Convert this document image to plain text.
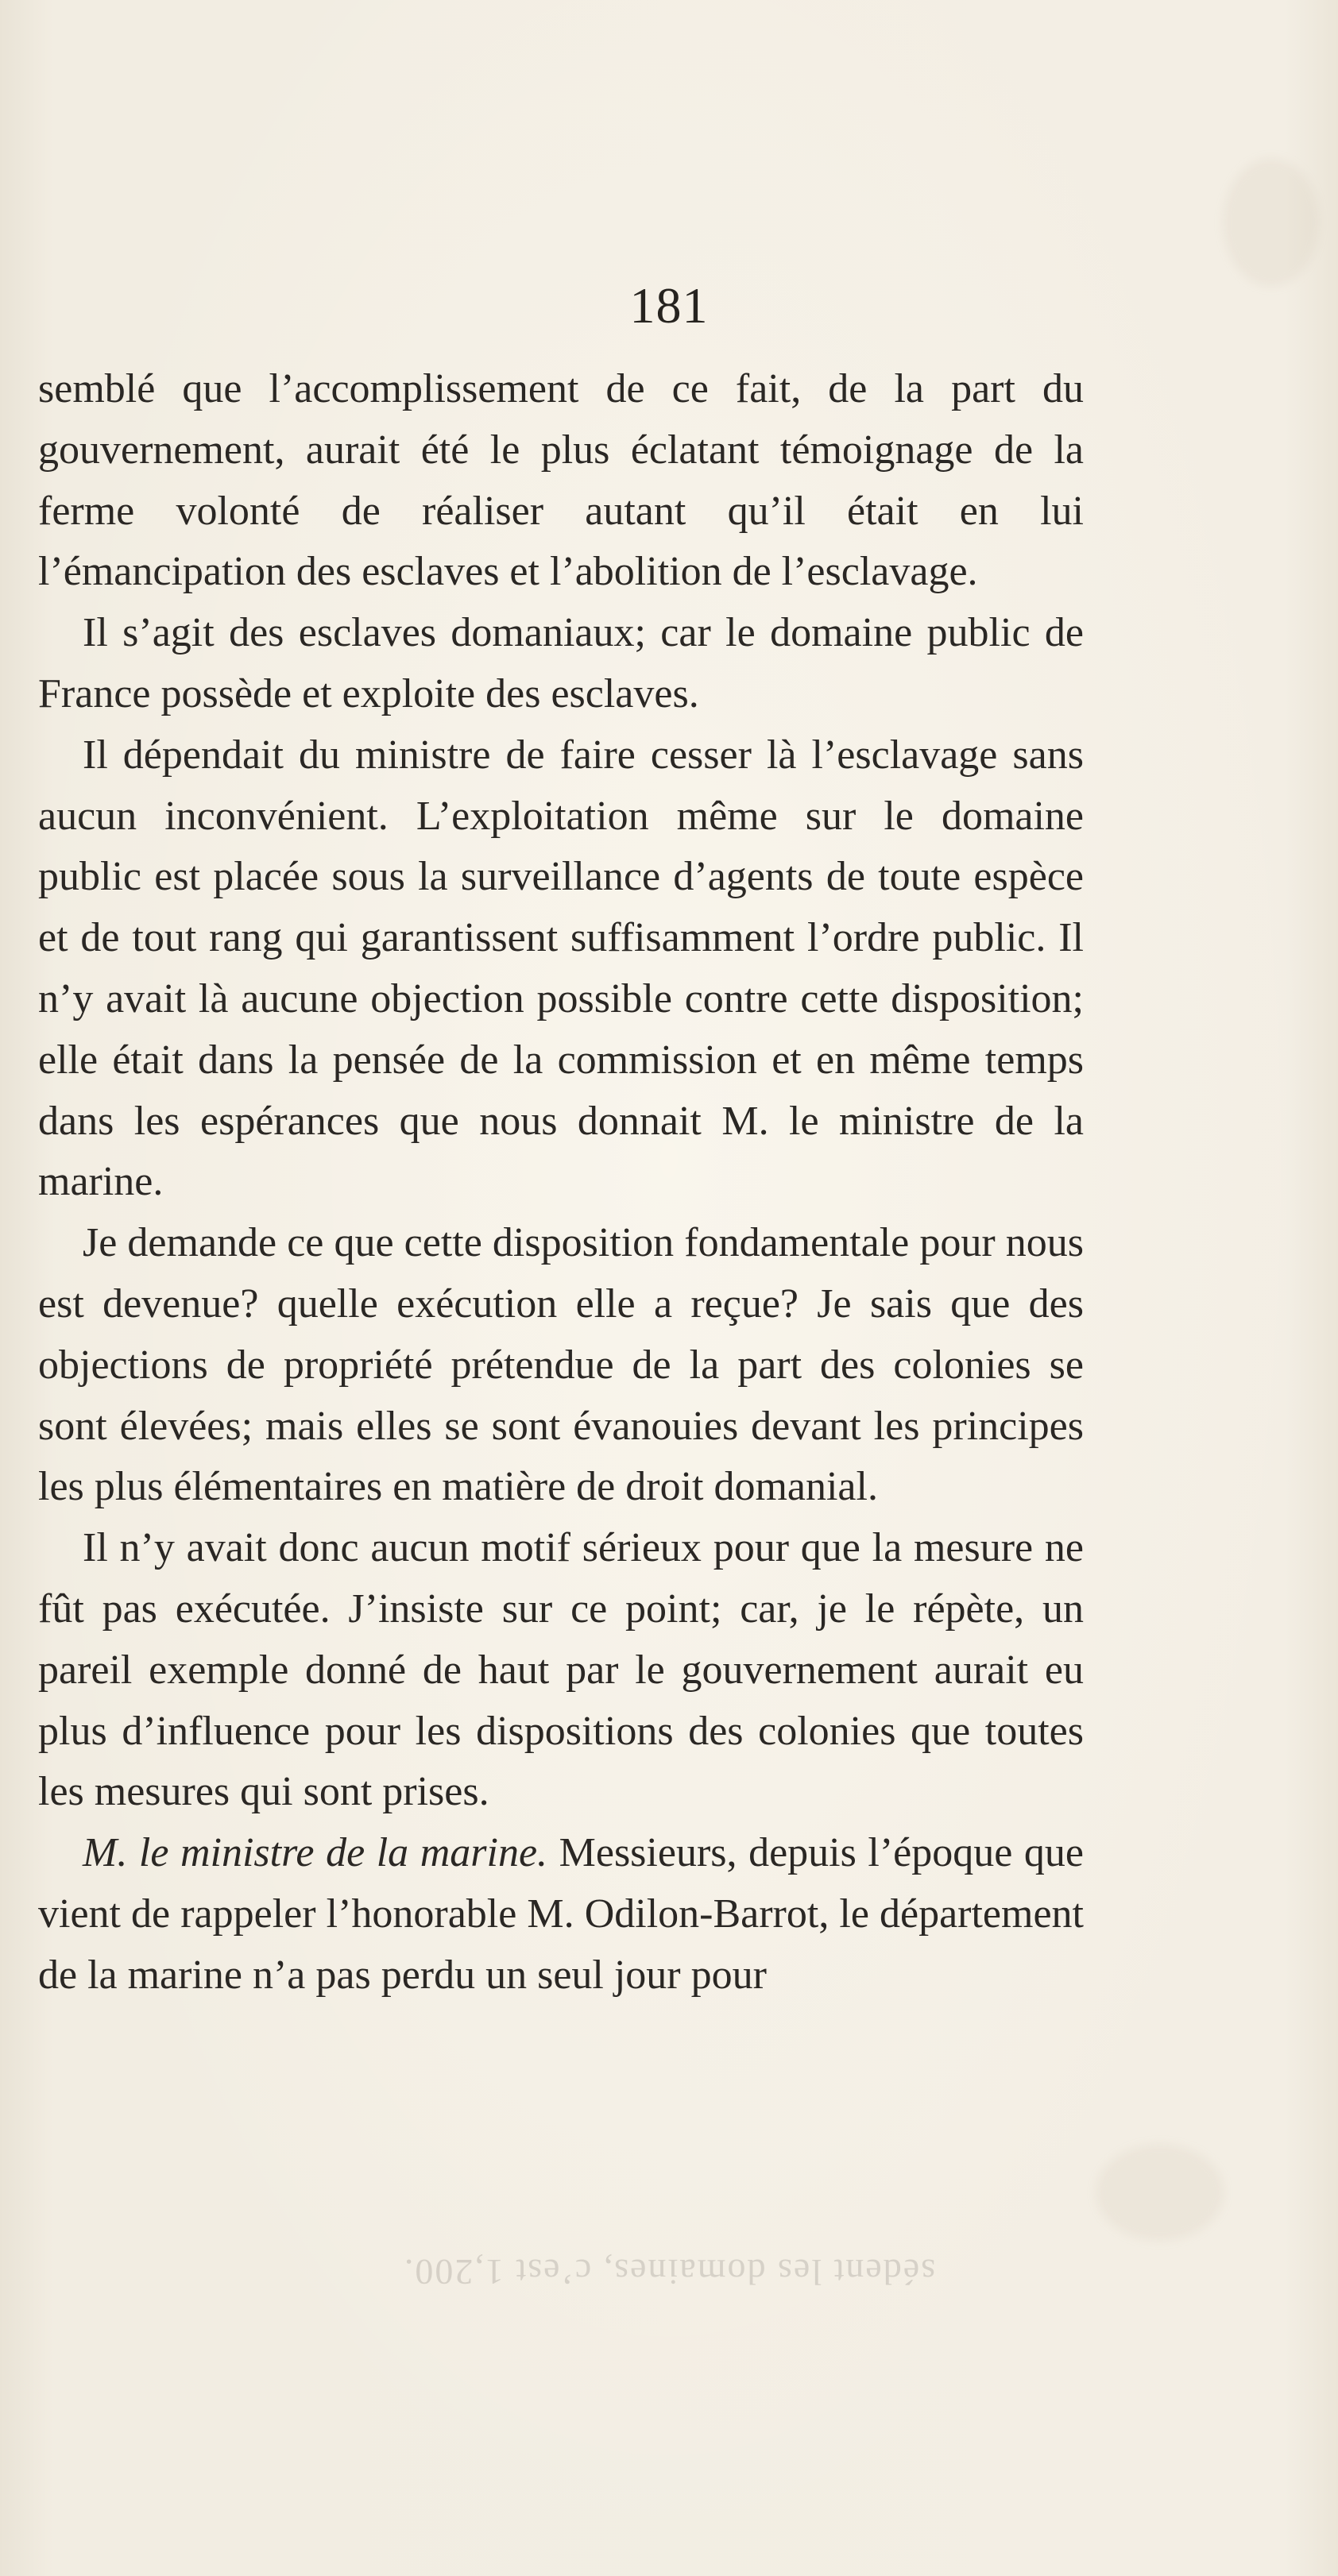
181

semblé que l’accomplissement de ce fait, de la part du gouvernement, aurait été le plus éclatant témoignage de la ferme volonté de réaliser autant qu’il était en lui l’émancipation des esclaves et l’abolition de l’esclavage.

Il s’agit des esclaves domaniaux; car le domaine public de France possède et exploite des esclaves.

Il dépendait du ministre de faire cesser là l’esclavage sans aucun inconvénient. L’exploitation même sur le domaine public est placée sous la surveillance d’agents de toute espèce et de tout rang qui garantissent suffisamment l’ordre public. Il n’y avait là aucune objection possible contre cette disposition; elle était dans la pensée de la commission et en même temps dans les espérances que nous donnait M. le ministre de la marine.

Je demande ce que cette disposition fondamentale pour nous est devenue? quelle exécution elle a reçue? Je sais que des objections de propriété prétendue de la part des colonies se sont élevées; mais elles se sont évanouies devant les principes les plus élémentaires en matière de droit domanial.

Il n’y avait donc aucun motif sérieux pour que la mesure ne fût pas exécutée. J’insiste sur ce point; car, je le répète, un pareil exemple donné de haut par le gouvernement aurait eu plus d’influence pour les dispositions des colonies que toutes les mesures qui sont prises.

M. le ministre de la marine. Messieurs, depuis l’époque que vient de rappeler l’honorable M. Odilon-Barrot, le département de la marine n’a pas perdu un seul jour pour

sédent les domaines, c’est 1,200.
